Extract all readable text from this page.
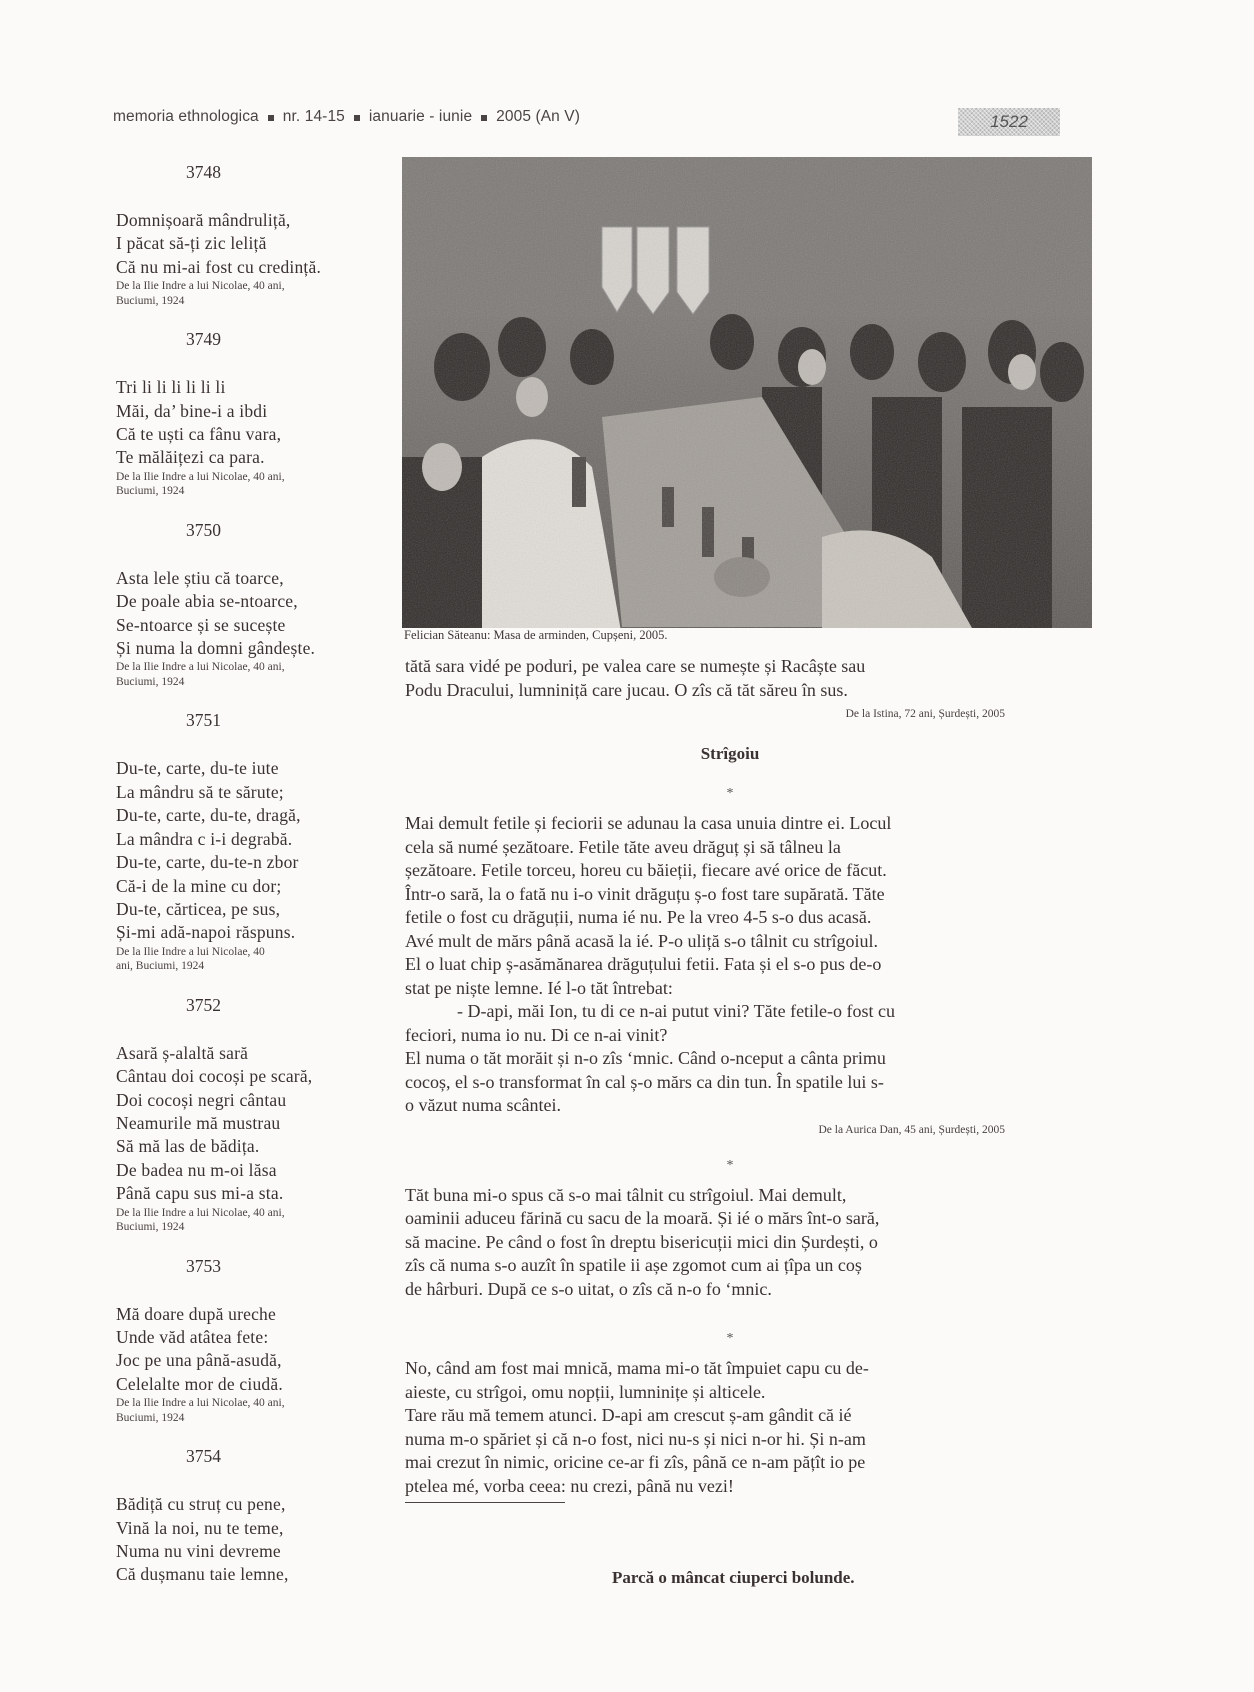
memoria ethnologica nr. 14-15 ianuarie - iunie 2005 (An V)	1522
3748
Domnișoară mândruliță,
I păcat să-ți zic leliță
Că nu mi-ai fost cu credință.
De la Ilie Indre a lui Nicolae, 40 ani,
Buciumi, 1924
3749
Tri li li li li li li
Măi, da’ bine-i a ibdi
Că te uști ca fânu vara,
Te mălăițezi ca para.
De la Ilie Indre a lui Nicolae, 40 ani,
Buciumi, 1924
3750
Asta lele știu că toarce,
De poale abia se-ntoarce,
Se-ntoarce și se sucește
Și numa la domni gândește.
De la Ilie Indre a lui Nicolae, 40 ani,
Buciumi, 1924
3751
Du-te, carte, du-te iute
La mândru să te sărute;
Du-te, carte, du-te, dragă,
La mândra c i-i degrabă.
Du-te, carte, du-te-n zbor
Că-i de la mine cu dor;
Du-te, cărticea, pe sus,
Și-mi adă-napoi răspuns.
De la Ilie Indre a lui Nicolae, 40
ani, Buciumi, 1924
3752
Asară ș-alaltă sară
Cântau doi cocoși pe scară,
Doi cocoși negri cântau
Neamurile mă mustrau
Să mă las de bădița.
De badea nu m-oi lăsa
Până capu sus mi-a sta.
De la Ilie Indre a lui Nicolae, 40 ani,
Buciumi, 1924
3753
Mă doare după ureche
Unde văd atâtea fete:
Joc pe una până-asudă,
Celelalte mor de ciudă.
De la Ilie Indre a lui Nicolae, 40 ani,
Buciumi, 1924
3754
Bădiță cu struț cu pene,
Vină la noi, nu te teme,
Numa nu vini devreme
Că dușmanu taie lemne,
Felician Săteanu: Masa de arminden, Cupșeni, 2005.
tătă sara vidé pe poduri, pe valea care se numește și Racâște sau
Podu Dracului, lumniniță care jucau. O zîs că tăt săreu în sus.
De la Istina, 72 ani, Șurdești, 2005
Strîgoiu
*
Mai demult fetile și feciorii se adunau la casa unuia dintre ei. Locul
cela să numé șezătoare. Fetile tăte aveu drăguț și să tâlneu la
șezătoare. Fetile torceu, horeu cu băieții, fiecare avé orice de făcut.
Într-o sară, la o fată nu i-o vinit drăguțu ș-o fost tare supărată. Tăte
fetile o fost cu drăguții, numa ié nu. Pe la vreo 4-5 s-o dus acasă.
Avé mult de mărs până acasă la ié. P-o uliță s-o tâlnit cu strîgoiul.
El o luat chip ș-asămănarea drăguțului fetii. Fata și el s-o pus de-o
stat pe niște lemne. Ié l-o tăt întrebat:
- D-api, măi Ion, tu di ce n-ai putut vini? Tăte fetile-o fost cu
feciori, numa io nu. Di ce n-ai vinit?
El numa o tăt morăit și n-o zîs ‘mnic. Când o-nceput a cânta primu
cocoș, el s-o transformat în cal ș-o mărs ca din tun. În spatile lui s-
o văzut numa scântei.
De la Aurica Dan, 45 ani, Șurdești, 2005
*
Tăt buna mi-o spus că s-o mai tâlnit cu strîgoiul. Mai demult,
oaminii aduceu fărină cu sacu de la moară. Și ié o mărs înt-o sară,
să macine. Pe când o fost în dreptu bisericuții mici din Șurdești, o
zîs că numa s-o auzît în spatile ii așe zgomot cum ai țîpa un coș
de hârburi. După ce s-o uitat, o zîs că n-o fo ‘mnic.
*
No, când am fost mai mnică, mama mi-o tăt împuiet capu cu de-
aieste, cu strîgoi, omu nopții, lumninițe și alticele.
Tare rău mă temem atunci. D-api am crescut ș-am gândit că ié
numa m-o spăriet și că n-o fost, nici nu-s și nici n-or hi. Și n-am
mai crezut în nimic, oricine ce-ar fi zîs, până ce n-am pățît io pe
ptelea mé, vorba ceea: nu crezi, până nu vezi!
Parcă o mâncat ciuperci bolunde.
